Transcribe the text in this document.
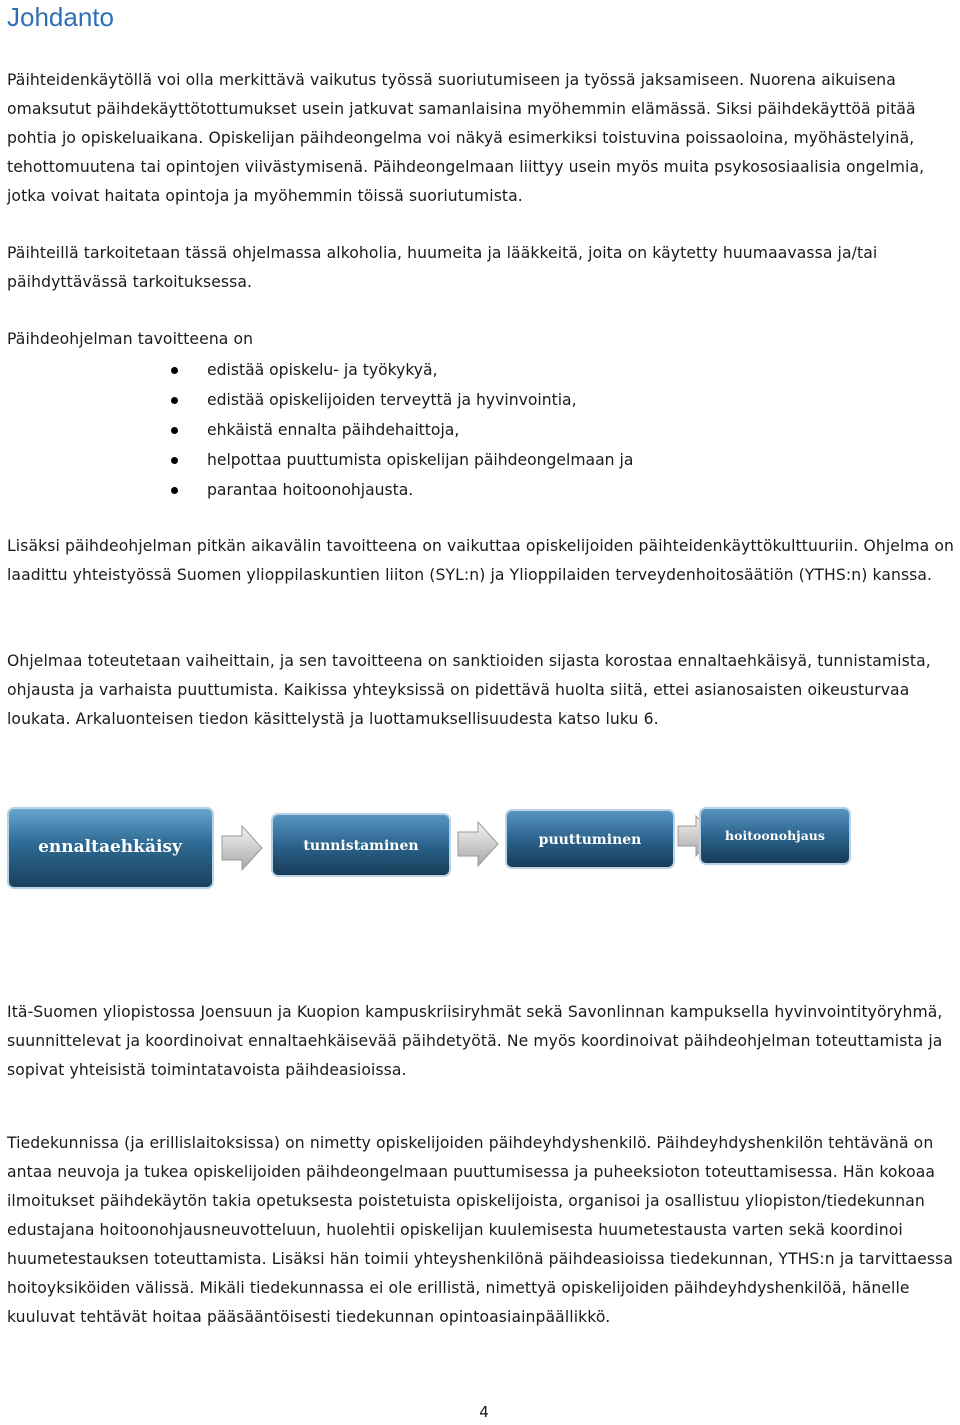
Johdanto

Päihteidenkäytöllä voi olla merkittävä vaikutus työssä suoriutumiseen ja työssä jaksamiseen. Nuorena aikuisena omaksutut päihdekäyttötottumukset usein jatkuvat samanlaisina myöhemmin elämässä. Siksi päihdekäyttöä pitää pohtia jo opiskeluaikana. Opiskelijan päihdeongelma voi näkyä esimerkiksi toistuvina poissaoloina, myöhästelyinä, tehottomuutena tai opintojen viivästymisenä. Päihdeongelmaan liittyy usein myös muita psykososiaalisia ongelmia, jotka voivat haitata opintoja ja myöhemmin töissä suoriutumista.

Päihteillä tarkoitetaan tässä ohjelmassa alkoholia, huumeita ja lääkkeitä, joita on käytetty huumaavassa ja/tai päihdyttävässä tarkoituksessa.

Päihdeohjelman tavoitteena on

edistää opiskelu- ja työkykyä,
edistää opiskelijoiden terveyttä ja hyvinvointia,
ehkäistä ennalta päihdehaittoja,
helpottaa puuttumista opiskelijan päihdeongelmaan ja
parantaa hoitoonohjausta.

Lisäksi päihdeohjelman pitkän aikavälin tavoitteena on vaikuttaa opiskelijoiden päihteidenkäyttökulttuuriin. Ohjelma on laadittu yhteistyössä Suomen ylioppilaskuntien liiton (SYL:n) ja Ylioppilaiden terveydenhoitosäätiön (YTHS:n) kanssa.

Ohjelmaa toteutetaan vaiheittain, ja sen tavoitteena on sanktioiden sijasta korostaa ennaltaehkäisyä, tunnistamista, ohjausta ja varhaista puuttumista. Kaikissa yhteyksissä on pidettävä huolta siitä, ettei asianosaisten oikeusturvaa loukata. Arkaluonteisen tiedon käsittelystä ja luottamuksellisuudesta katso luku 6.

ennaltaehkäisy	tunnistaminen	puuttuminen	hoitoonohjaus

Itä-Suomen yliopistossa Joensuun ja Kuopion kampuskriisiryhmät sekä Savonlinnan kampuksella hyvinvointityöryhmä, suunnittelevat ja koordinoivat ennaltaehkäisevää päihdetyötä. Ne myös koordinoivat päihdeohjelman toteuttamista ja sopivat yhteisistä toimintatavoista päihdeasioissa.

Tiedekunnissa (ja erillislaitoksissa) on nimetty opiskelijoiden päihdeyhdyshenkilö. Päihdeyhdyshenkilön tehtävänä on antaa neuvoja ja tukea opiskelijoiden päihdeongelmaan puuttumisessa ja puheeksioton toteuttamisessa. Hän kokoaa ilmoitukset päihdekäytön takia opetuksesta poistetuista opiskelijoista, organisoi ja osallistuu yliopiston/tiedekunnan edustajana hoitoonohjausneuvotteluun, huolehtii opiskelijan kuulemisesta huumetestausta varten sekä koordinoi huumetestauksen toteuttamista. Lisäksi hän toimii yhteyshenkilönä päihdeasioissa tiedekunnan, YTHS:n ja tarvittaessa hoitoyksiköiden välissä. Mikäli tiedekunnassa ei ole erillistä, nimettyä opiskelijoiden päihdeyhdyshenkilöä, hänelle kuuluvat tehtävät hoitaa pääsääntöisesti tiedekunnan opintoasiainpäällikkö.

4
